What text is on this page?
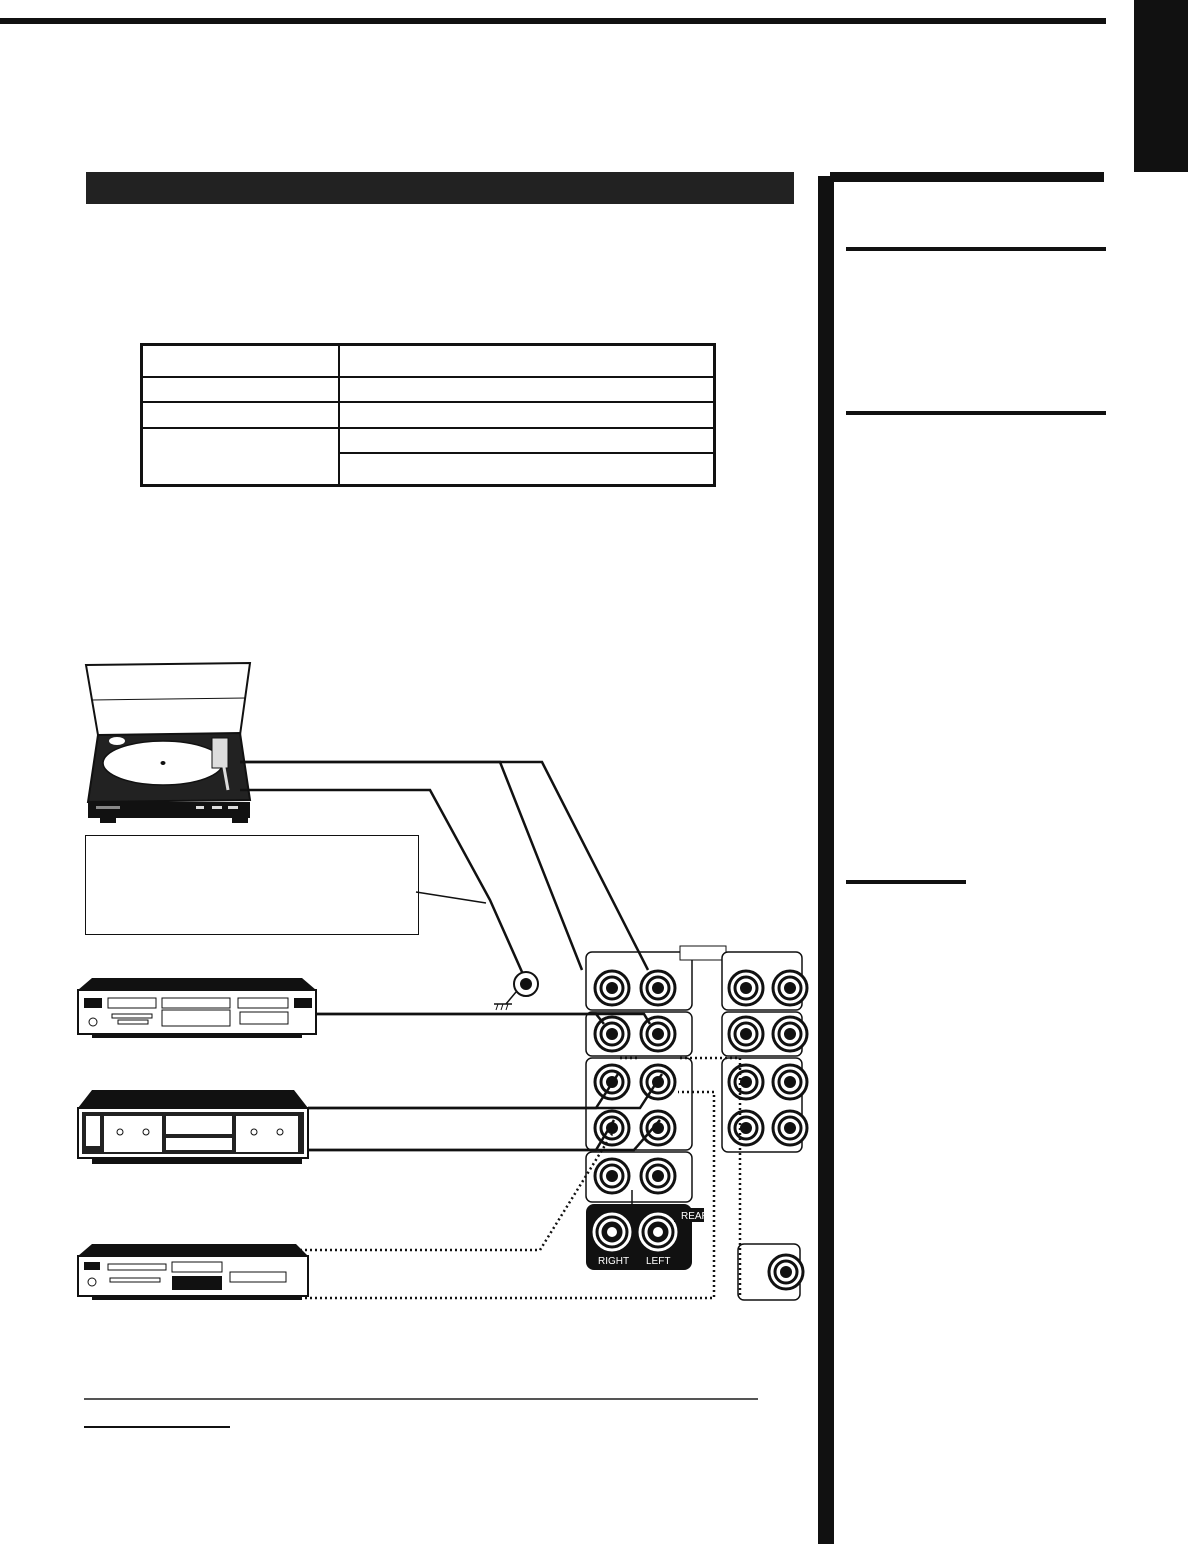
REAR
RIGHT LEFT
